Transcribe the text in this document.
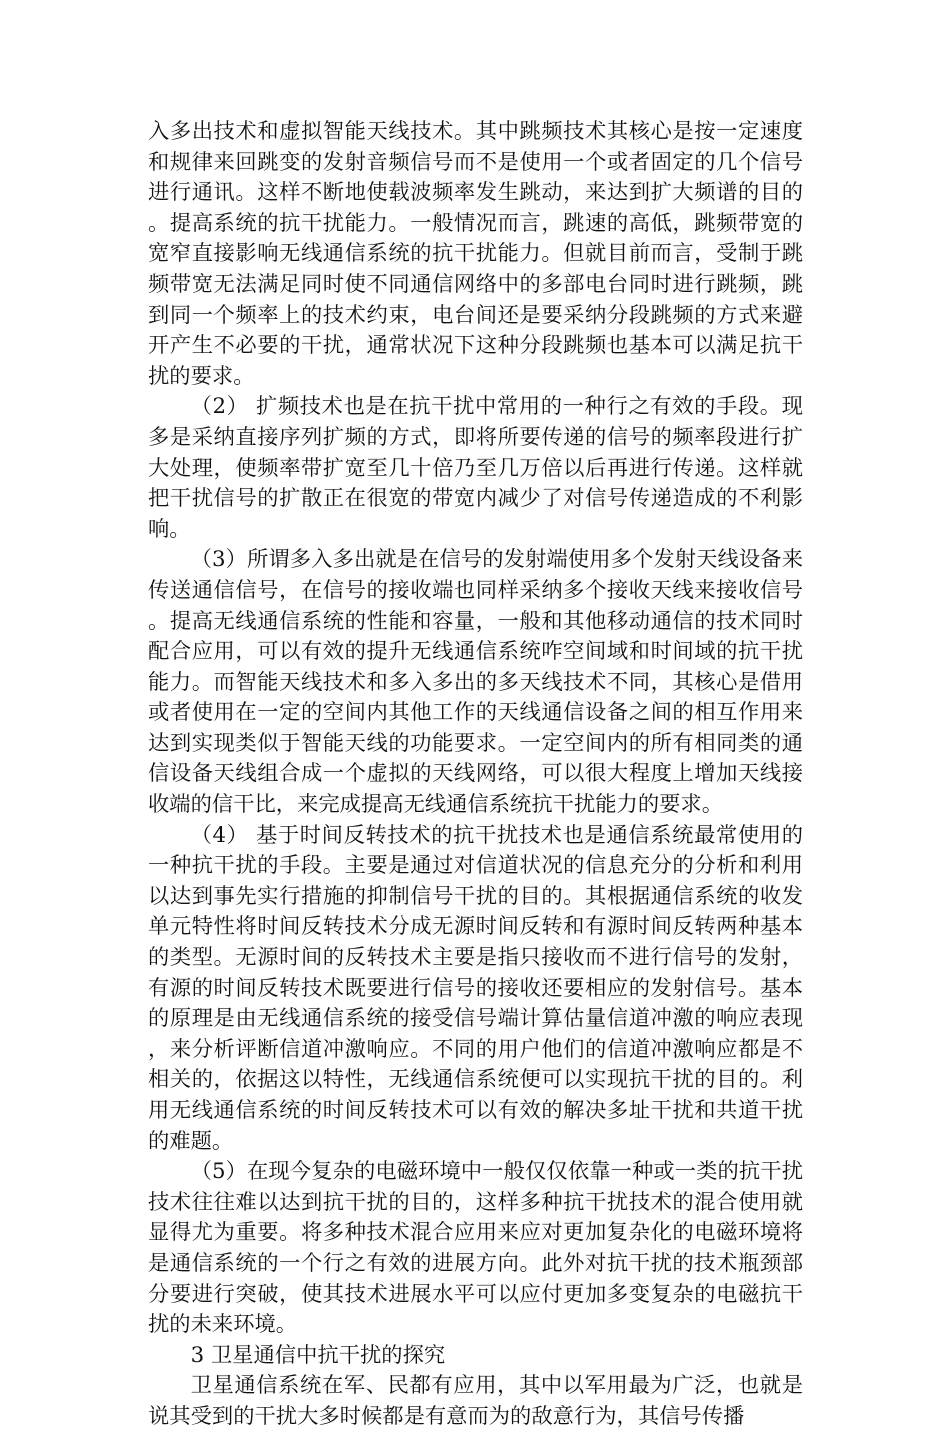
入多出技术和虚拟智能天线技术。其中跳频技术其核心是按一定速度和规律来回跳变的发射音频信号而不是使用一个或者固定的几个信号进行通讯。这样不断地使载波频率发生跳动，来达到扩大频谱的目的。提高系统的抗干扰能力。一般情况而言，跳速的高低，跳频带宽的宽窄直接影响无线通信系统的抗干扰能力。但就目前而言，受制于跳频带宽无法满足同时使不同通信网络中的多部电台同时进行跳频，跳到同一个频率上的技术约束，电台间还是要采纳分段跳频的方式来避开产生不必要的干扰，通常状况下这种分段跳频也基本可以满足抗干扰的要求。

（2） 扩频技术也是在抗干扰中常用的一种行之有效的手段。现多是采纳直接序列扩频的方式，即将所要传递的信号的频率段进行扩大处理，使频率带扩宽至几十倍乃至几万倍以后再进行传递。这样就把干扰信号的扩散正在很宽的带宽内减少了对信号传递造成的不利影响。

（3）所谓多入多出就是在信号的发射端使用多个发射天线设备来传送通信信号，在信号的接收端也同样采纳多个接收天线来接收信号。提高无线通信系统的性能和容量，一般和其他移动通信的技术同时配合应用，可以有效的提升无线通信系统咋空间域和时间域的抗干扰能力。而智能天线技术和多入多出的多天线技术不同，其核心是借用或者使用在一定的空间内其他工作的天线通信设备之间的相互作用来达到实现类似于智能天线的功能要求。一定空间内的所有相同类的通信设备天线组合成一个虚拟的天线网络，可以很大程度上增加天线接收端的信干比，来完成提高无线通信系统抗干扰能力的要求。

（4） 基于时间反转技术的抗干扰技术也是通信系统最常使用的一种抗干扰的手段。主要是通过对信道状况的信息充分的分析和利用以达到事先实行措施的抑制信号干扰的目的。其根据通信系统的收发单元特性将时间反转技术分成无源时间反转和有源时间反转两种基本的类型。无源时间的反转技术主要是指只接收而不进行信号的发射，有源的时间反转技术既要进行信号的接收还要相应的发射信号。基本的原理是由无线通信系统的接受信号端计算估量信道冲激的响应表现，来分析评断信道冲激响应。不同的用户他们的信道冲激响应都是不相关的，依据这以特性，无线通信系统便可以实现抗干扰的目的。利用无线通信系统的时间反转技术可以有效的解决多址干扰和共道干扰的难题。

（5）在现今复杂的电磁环境中一般仅仅依靠一种或一类的抗干扰技术往往难以达到抗干扰的目的，这样多种抗干扰技术的混合使用就显得尤为重要。将多种技术混合应用来应对更加复杂化的电磁环境将是通信系统的一个行之有效的进展方向。此外对抗干扰的技术瓶颈部分要进行突破，使其技术进展水平可以应付更加多变复杂的电磁抗干扰的未来环境。

3 卫星通信中抗干扰的探究

卫星通信系统在军、民都有应用，其中以军用最为广泛，也就是说其受到的干扰大多时候都是有意而为的敌意行为，其信号传播
